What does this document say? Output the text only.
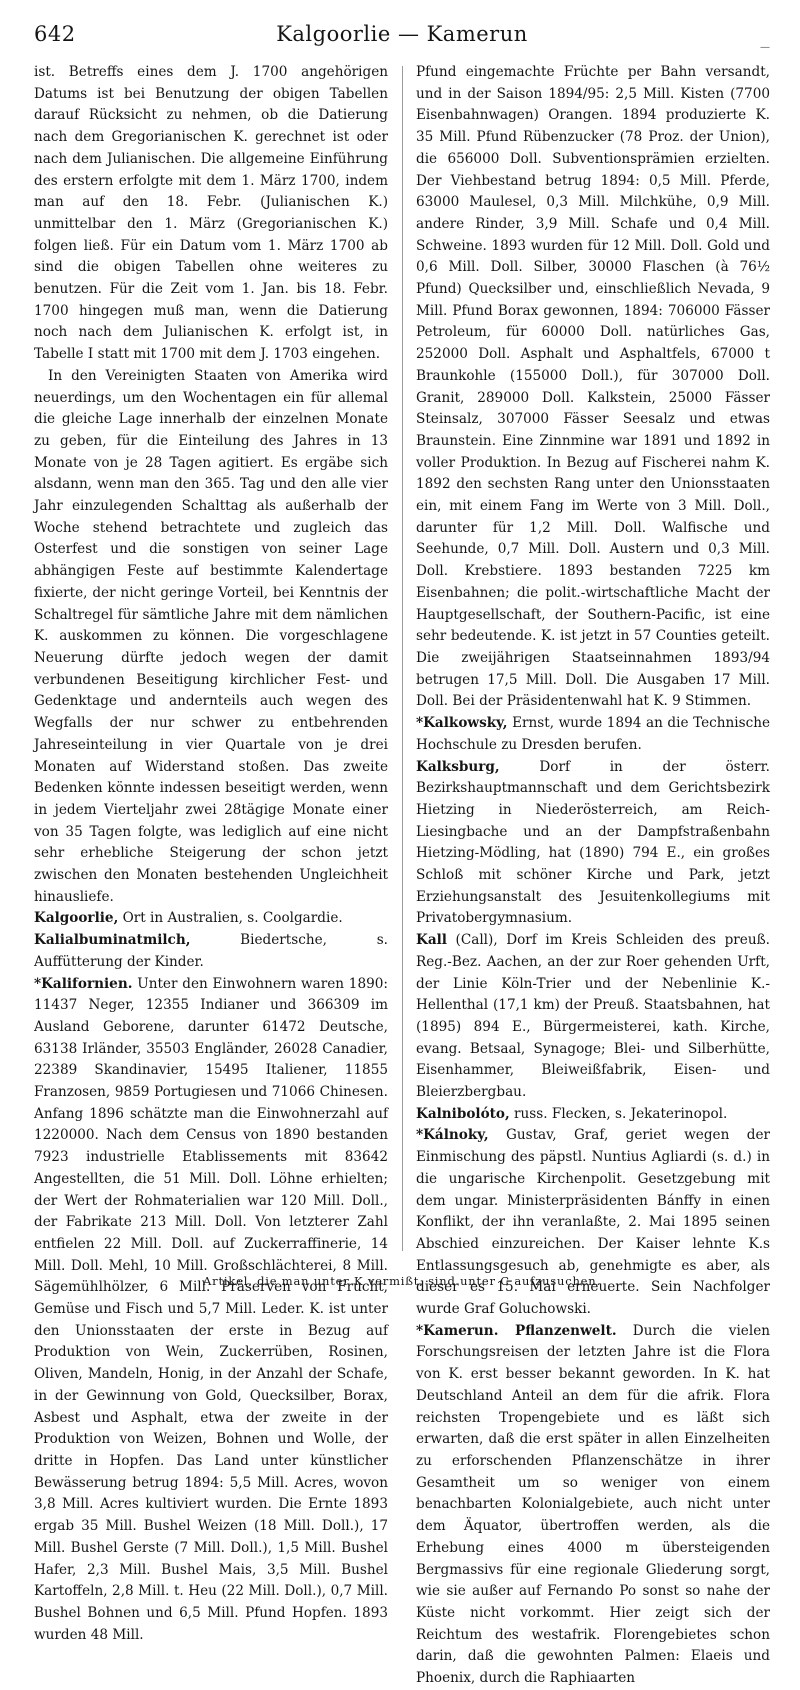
642	Kalgoorlie — Kamerun
—

ist. Betreffs eines dem J. 1700 angehörigen Datums ist bei Benutzung der obigen Tabellen darauf Rücksicht zu nehmen, ob die Datierung nach dem Gregorianischen K. gerechnet ist oder nach dem Julianischen. Die allgemeine Einführung des erstern erfolgte mit dem 1. März 1700, indem man auf den 18. Febr. (Julianischen K.) unmittelbar den 1. März (Gregorianischen K.) folgen ließ. Für ein Datum vom 1. März 1700 ab sind die obigen Tabellen ohne weiteres zu benutzen. Für die Zeit vom 1. Jan. bis 18. Febr. 1700 hingegen muß man, wenn die Datierung noch nach dem Julianischen K. erfolgt ist, in Tabelle I statt mit 1700 mit dem J. 1703 eingehen.

In den Vereinigten Staaten von Amerika wird neuerdings, um den Wochentagen ein für allemal die gleiche Lage innerhalb der einzelnen Monate zu geben, für die Einteilung des Jahres in 13 Monate von je 28 Tagen agitiert. Es ergäbe sich alsdann, wenn man den 365. Tag und den alle vier Jahr einzulegenden Schalttag als außerhalb der Woche stehend betrachtete und zugleich das Osterfest und die sonstigen von seiner Lage abhängigen Feste auf bestimmte Kalendertage fixierte, der nicht geringe Vorteil, bei Kenntnis der Schaltregel für sämtliche Jahre mit dem nämlichen K. auskommen zu können. Die vorgeschlagene Neuerung dürfte jedoch wegen der damit verbundenen Beseitigung kirchlicher Fest- und Gedenktage und andernteils auch wegen des Wegfalls der nur schwer zu entbehrenden Jahreseinteilung in vier Quartale von je drei Monaten auf Widerstand stoßen. Das zweite Bedenken könnte indessen beseitigt werden, wenn in jedem Vierteljahr zwei 28tägige Monate einer von 35 Tagen folgte, was lediglich auf eine nicht sehr erhebliche Steigerung der schon jetzt zwischen den Monaten bestehenden Ungleichheit hinausliefe.

Kalgoorlie, Ort in Australien, s. Coolgardie.

Kalialbuminatmilch, Biedertsche, s. Auffütterung der Kinder.

*Kalifornien. Unter den Einwohnern waren 1890: 11437 Neger, 12355 Indianer und 366309 im Ausland Geborene, darunter 61472 Deutsche, 63138 Irländer, 35503 Engländer, 26028 Canadier, 22389 Skandinavier, 15495 Italiener, 11855 Franzosen, 9859 Portugiesen und 71066 Chinesen. Anfang 1896 schätzte man die Einwohnerzahl auf 1220000. Nach dem Census von 1890 bestanden 7923 industrielle Etablissements mit 83642 Angestellten, die 51 Mill. Doll. Löhne erhielten; der Wert der Rohmaterialien war 120 Mill. Doll., der Fabrikate 213 Mill. Doll. Von letzterer Zahl entfielen 22 Mill. Doll. auf Zuckerraffinerie, 14 Mill. Doll. Mehl, 10 Mill. Großschlächterei, 8 Mill. Sägemühlhölzer, 6 Mill. Präserven von Frucht, Gemüse und Fisch und 5,7 Mill. Leder. K. ist unter den Unionsstaaten der erste in Bezug auf Produktion von Wein, Zuckerrüben, Rosinen, Oliven, Mandeln, Honig, in der Anzahl der Schafe, in der Gewinnung von Gold, Quecksilber, Borax, Asbest und Asphalt, etwa der zweite in der Produktion von Weizen, Bohnen und Wolle, der dritte in Hopfen. Das Land unter künstlicher Bewässerung betrug 1894: 5,5 Mill. Acres, wovon 3,8 Mill. Acres kultiviert wurden. Die Ernte 1893 ergab 35 Mill. Bushel Weizen (18 Mill. Doll.), 17 Mill. Bushel Gerste (7 Mill. Doll.), 1,5 Mill. Bushel Hafer, 2,3 Mill. Bushel Mais, 3,5 Mill. Bushel Kartoffeln, 2,8 Mill. t. Heu (22 Mill. Doll.), 0,7 Mill. Bushel Bohnen und 6,5 Mill. Pfund Hopfen. 1893 wurden 48 Mill.

Pfund eingemachte Früchte per Bahn versandt, und in der Saison 1894/95: 2,5 Mill. Kisten (7700 Eisenbahnwagen) Orangen. 1894 produzierte K. 35 Mill. Pfund Rübenzucker (78 Proz. der Union), die 656000 Doll. Subventionsprämien erzielten. Der Viehbestand betrug 1894: 0,5 Mill. Pferde, 63000 Maulesel, 0,3 Mill. Milchkühe, 0,9 Mill. andere Rinder, 3,9 Mill. Schafe und 0,4 Mill. Schweine. 1893 wurden für 12 Mill. Doll. Gold und 0,6 Mill. Doll. Silber, 30000 Flaschen (à 76½ Pfund) Quecksilber und, einschließlich Nevada, 9 Mill. Pfund Borax gewonnen, 1894: 706000 Fässer Petroleum, für 60000 Doll. natürliches Gas, 252000 Doll. Asphalt und Asphaltfels, 67000 t Braunkohle (155000 Doll.), für 307000 Doll. Granit, 289000 Doll. Kalkstein, 25000 Fässer Steinsalz, 307000 Fässer Seesalz und etwas Braunstein. Eine Zinnmine war 1891 und 1892 in voller Produktion. In Bezug auf Fischerei nahm K. 1892 den sechsten Rang unter den Unionsstaaten ein, mit einem Fang im Werte von 3 Mill. Doll., darunter für 1,2 Mill. Doll. Walfische und Seehunde, 0,7 Mill. Doll. Austern und 0,3 Mill. Doll. Krebstiere. 1893 bestanden 7225 km Eisenbahnen; die polit.-wirtschaftliche Macht der Hauptgesellschaft, der Southern-Pacific, ist eine sehr bedeutende. K. ist jetzt in 57 Counties geteilt. Die zweijährigen Staatseinnahmen 1893/94 betrugen 17,5 Mill. Doll. Die Ausgaben 17 Mill. Doll. Bei der Präsidentenwahl hat K. 9 Stimmen.

*Kalkowsky, Ernst, wurde 1894 an die Technische Hochschule zu Dresden berufen.

Kalksburg, Dorf in der österr. Bezirkshauptmannschaft und dem Gerichtsbezirk Hietzing in Niederösterreich, am Reich-Liesingbache und an der Dampfstraßenbahn Hietzing-Mödling, hat (1890) 794 E., ein großes Schloß mit schöner Kirche und Park, jetzt Erziehungsanstalt des Jesuitenkollegiums mit Privatobergymnasium.

Kall (Call), Dorf im Kreis Schleiden des preuß. Reg.-Bez. Aachen, an der zur Roer gehenden Urft, der Linie Köln-Trier und der Nebenlinie K.-Hellenthal (17,1 km) der Preuß. Staatsbahnen, hat (1895) 894 E., Bürgermeisterei, kath. Kirche, evang. Betsaal, Synagoge; Blei- und Silberhütte, Eisenhammer, Bleiweißfabrik, Eisen- und Bleierzbergbau.

Kalnibolóto, russ. Flecken, s. Jekaterinopol.

*Kálnoky, Gustav, Graf, geriet wegen der Einmischung des päpstl. Nuntius Agliardi (s. d.) in die ungarische Kirchenpolit. Gesetzgebung mit dem ungar. Ministerpräsidenten Bánffy in einen Konflikt, der ihn veranlaßte, 2. Mai 1895 seinen Abschied einzureichen. Der Kaiser lehnte K.s Entlassungsgesuch ab, genehmigte es aber, als dieser es 15. Mai erneuerte. Sein Nachfolger wurde Graf Goluchowski.

*Kamerun. Pflanzenwelt. Durch die vielen Forschungsreisen der letzten Jahre ist die Flora von K. erst besser bekannt geworden. In K. hat Deutschland Anteil an dem für die afrik. Flora reichsten Tropengebiete und es läßt sich erwarten, daß die erst später in allen Einzelheiten zu erforschenden Pflanzenschätze in ihrer Gesamtheit um so weniger von einem benachbarten Kolonialgebiete, auch nicht unter dem Äquator, übertroffen werden, als die Erhebung eines 4000 m übersteigenden Bergmassivs für eine regionale Gliederung sorgt, wie sie außer auf Fernando Po sonst so nahe der Küste nicht vorkommt. Hier zeigt sich der Reichtum des westafrik. Florengebietes schon darin, daß die gewohnten Palmen: Elaeis und Phoenix, durch die Raphiaarten

Artikel, die man unter K vermißt, sind unter C aufzusuchen.
